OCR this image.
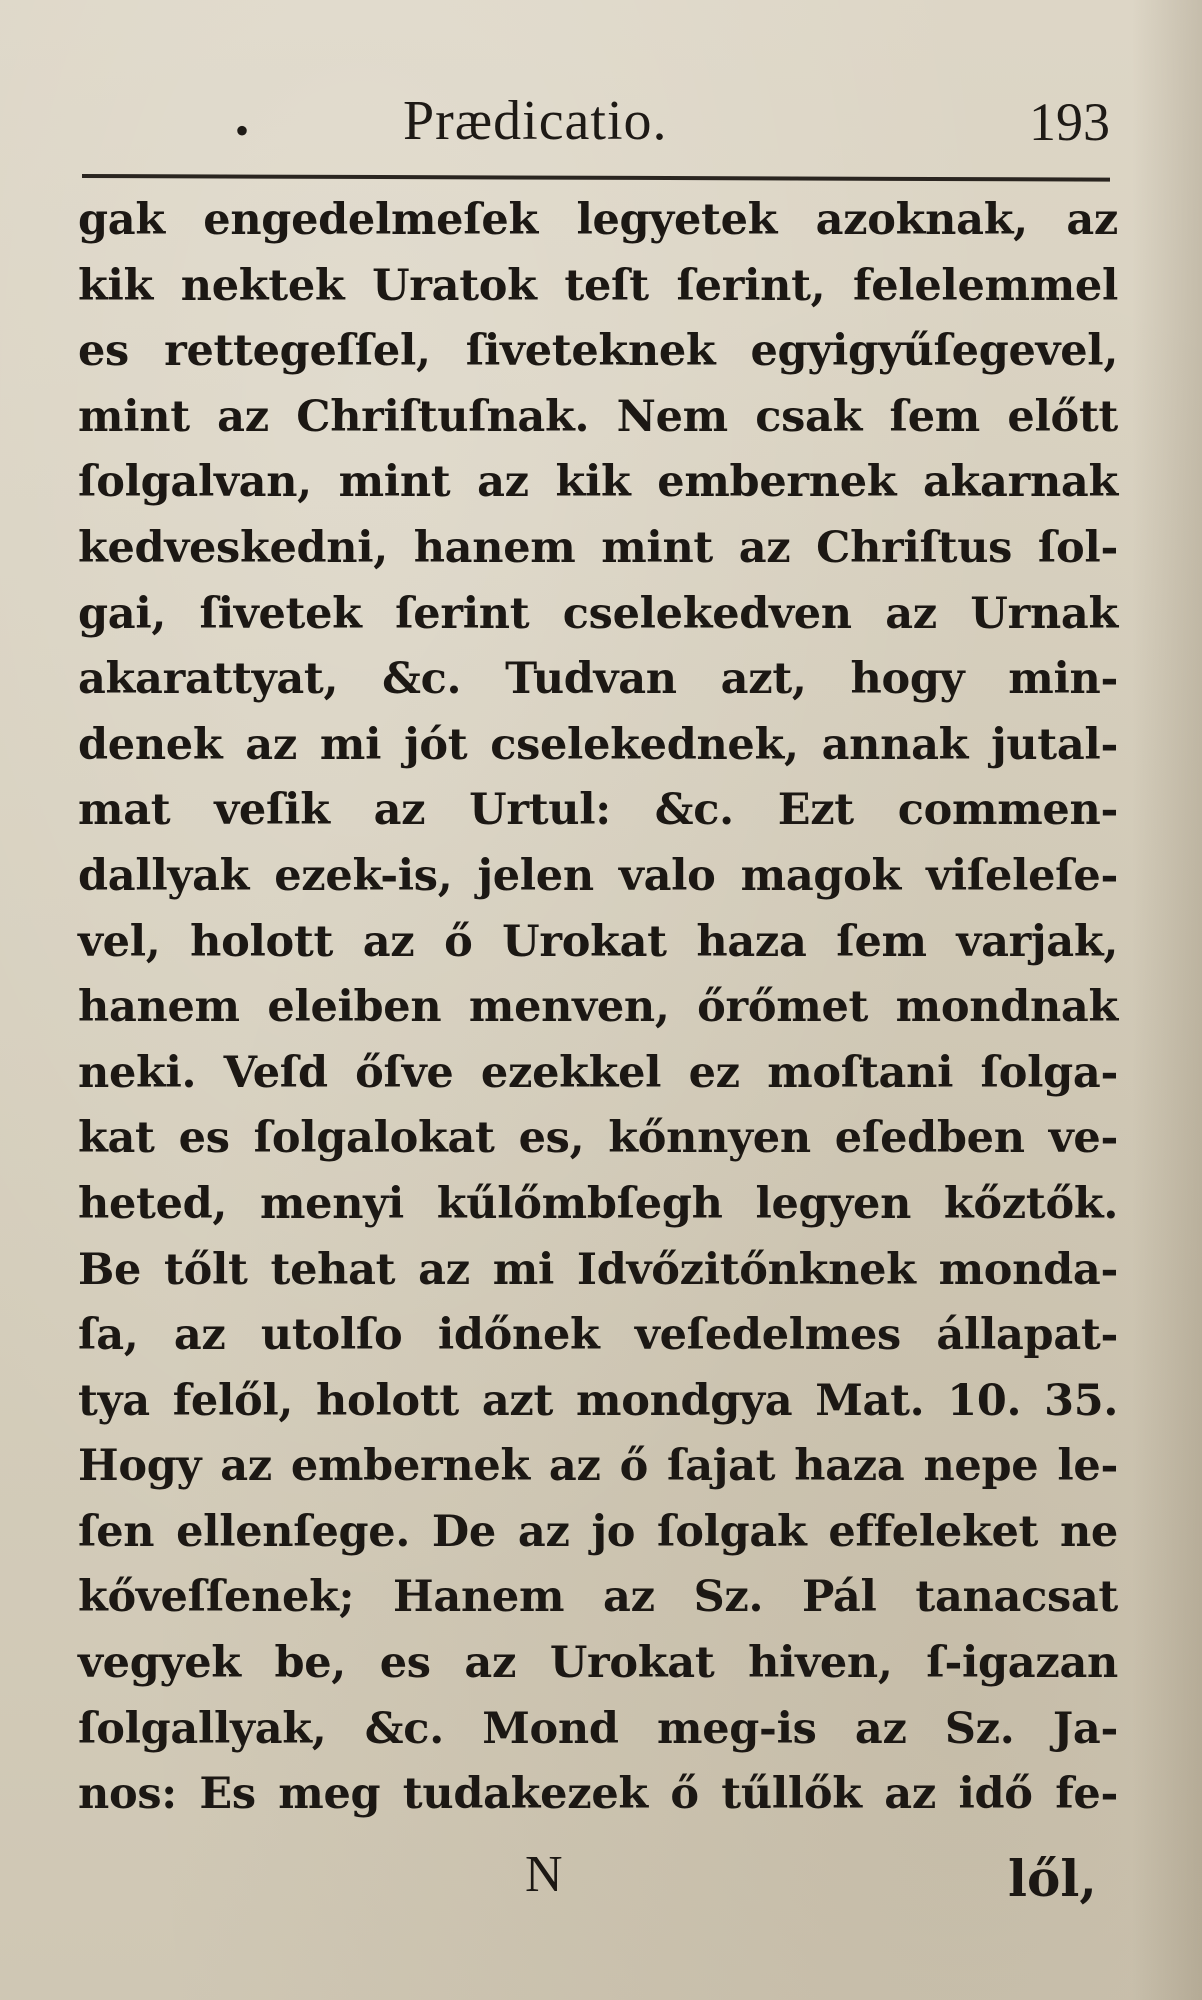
•	Prædicatio.	193
gak engedelmeſek legyetek azoknak, az
kik nektek Uratok teſt ſerint, felelemmel
es rettegeſſel, ſiveteknek egyigyűſegevel,
mint az Chriſtuſnak. Nem csak ſem előtt
ſolgalvan, mint az kik embernek akarnak
kedveskedni, hanem mint az Chriſtus ſol-
gai, ſivetek ſerint cselekedven az Urnak
akarattyat, &c. Tudvan azt, hogy min-
denek az mi jót cselekednek, annak jutal-
mat veſik az Urtul: &c. Ezt commen-
dallyak ezek-is, jelen valo magok viſeleſe-
vel, holott az ő Urokat haza ſem varjak,
hanem eleiben menven, őrőmet mondnak
neki. Veſd őſve ezekkel ez moſtani ſolga-
kat es ſolgalokat es, kőnnyen eſedben ve-
heted, menyi kűlőmbſegh legyen kőztők.
Be tőlt tehat az mi Idvőzitőnknek monda-
ſa, az utolſo időnek veſedelmes állapat-
tya felől, holott azt mondgya Mat. 10. 35.
Hogy az embernek az ő ſajat haza nepe le-
ſen ellenſege. De az jo ſolgak effeleket ne
kőveſſenek; Hanem az Sz. Pál tanacsat
vegyek be, es az Urokat hiven, ſ-igazan
ſolgallyak, &c. Mond meg-is az Sz. Ja-
nos: Es meg tudakezek ő tűllők az idő fe-
N	lől,
